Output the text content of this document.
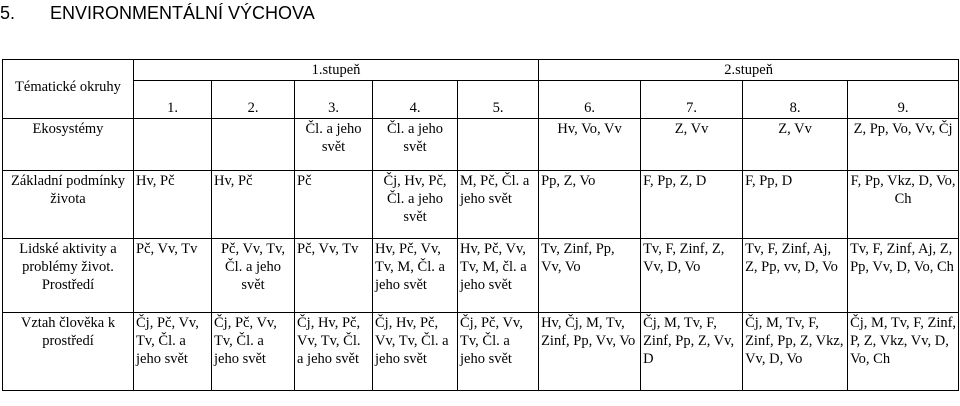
5. ENVIRONMENTÁLNÍ VÝCHOVA
Tématické okruhy	1.stupeň					2.stupeň			
	1.	2.	3.	4.	5.	6.	7.	8.	9.
Ekosystémy			Čl. a jeho svět	Čl. a jeho svět		Hv, Vo, Vv	Z, Vv	Z, Vv	Z, Pp, Vo, Vv, Čj
Základní podmínky života	Hv, Pč	Hv, Pč	Pč	Čj, Hv, Pč, Čl. a jeho svět	M, Pč, Čl. a jeho svět	Pp, Z, Vo	F, Pp, Z, D	F, Pp, D	F, Pp, Vkz, D, Vo, Ch
Lidské aktivity a problémy život. Prostředí	Pč, Vv, Tv	Pč, Vv, Tv, Čl. a jeho svět	Pč, Vv, Tv	Hv, Pč, Vv, Tv, M, Čl. a jeho svět	Hv, Pč, Vv, Tv, M, čl. a jeho svět	Tv, Zinf, Pp, Vv, Vo	Tv, F, Zinf, Z, Vv, D, Vo	Tv, F, Zinf, Aj, Z, Pp, vv, D, Vo	Tv, F, Zinf, Aj, Z, Pp, Vv, D, Vo, Ch
Vztah člověka k prostředí	Čj, Pč, Vv, Tv, Čl. a jeho svět	Čj, Pč, Vv, Tv, Čl. a jeho svět	Čj, Hv, Pč, Vv, Tv, Čl. a jeho svět	Čj, Hv, Pč, Vv, Tv, Čl. a jeho svět	Čj, Pč, Vv, Tv, Čl. a jeho svět	Hv, Čj, M, Tv, Zinf, Pp, Vv, Vo	Čj, M, Tv, F, Zinf, Pp, Z, Vv, D	Čj, M, Tv, F, Zinf, Pp, Z, Vkz, Vv, D, Vo	Čj, M, Tv, F, Zinf, P, Z, Vkz, Vv, D, Vo, Ch
